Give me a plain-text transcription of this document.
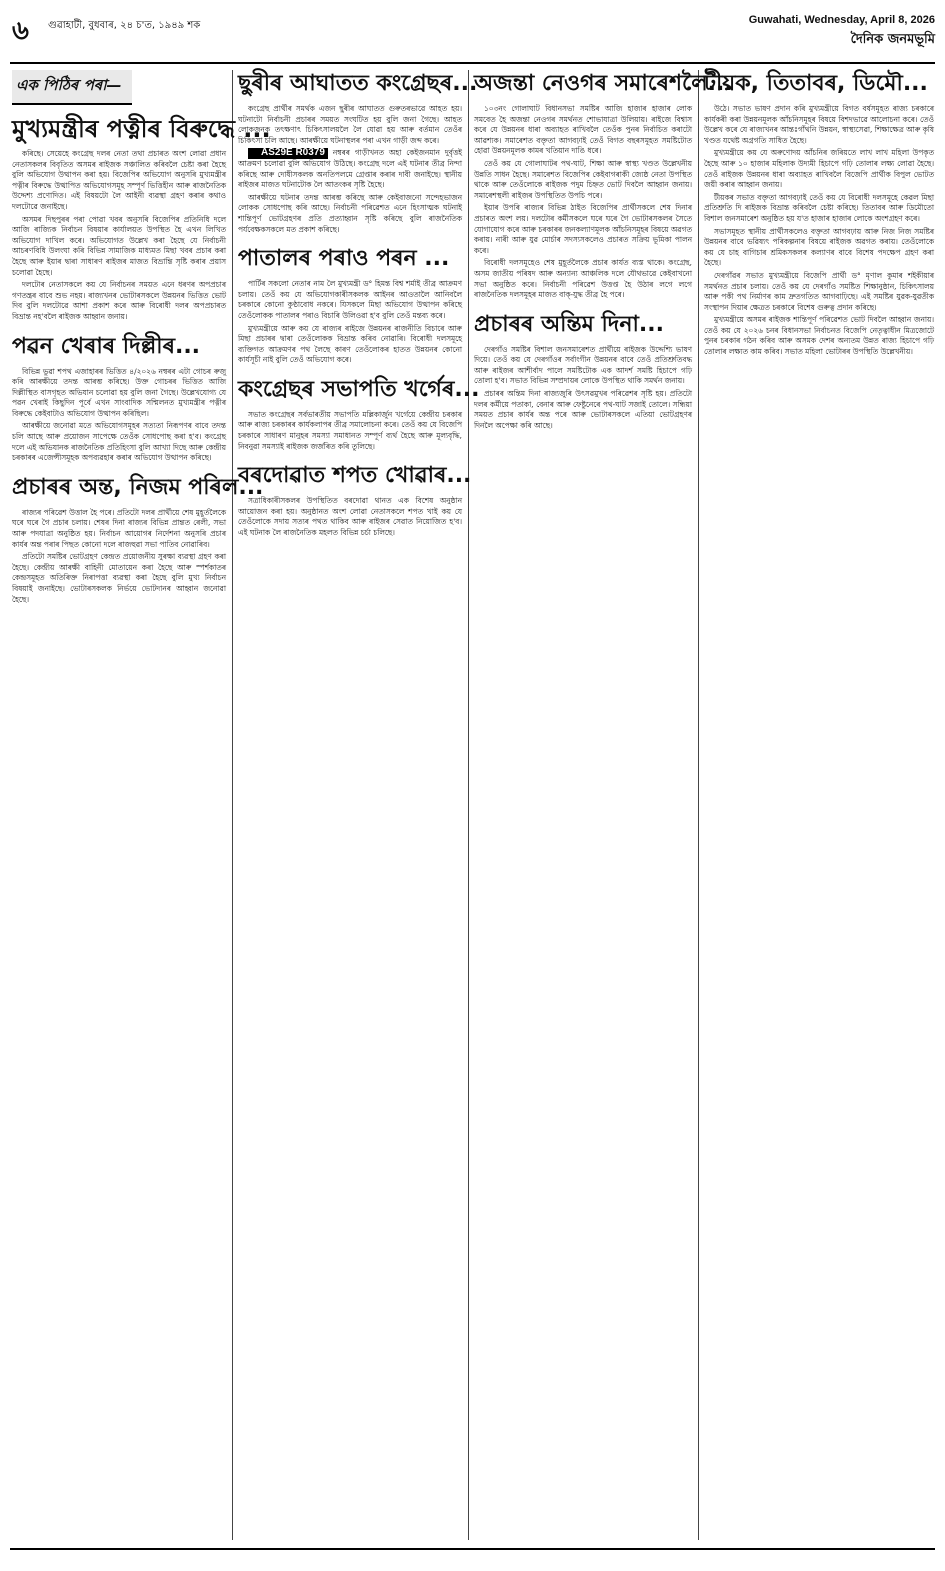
৬ গুৱাহাটী, বুধবাৰ, ২৪ চ'ত, ১৯৪৯ শক	Guwahati, Wednesday, April 8, 2026
দৈনিক জনমভূমি
এক পিঠিৰ পৰা—
মুখ্যমন্ত্ৰীৰ পত্নীৰ বিৰুদ্ধে ...

কৰিছে। সেয়েহে কংগ্ৰেছ দলৰ নেতা তথা প্ৰচাৰত অংশ লোৱা প্ৰধান নেতাসকলৰ বিবৃতিত অসমৰ ৰাইজক সঞ্চালিত কৰিবলৈ চেষ্টা কৰা হৈছে বুলি অভিযোগ উত্থাপন কৰা হয়। বিজেপিৰ অভিযোগ অনুসৰি মুখ্যমন্ত্ৰীৰ পত্নীৰ বিৰুদ্ধে উত্থাপিত অভিযোগসমূহ সম্পূৰ্ণ ভিত্তিহীন আৰু ৰাজনৈতিক উদ্দেশ্য প্ৰণোদিত। এই বিষয়টো লৈ আইনী ব্যৱস্থা গ্ৰহণ কৰাৰ কথাও দলটোৱে জনাইছে।

অসমৰ দিছপুৰৰ পৰা পোৱা খবৰ অনুসৰি বিজেপিৰ প্ৰতিনিধি দলে আজি ৰাজ্যিক নিৰ্বাচন বিষয়াৰ কাৰ্যালয়ত উপস্থিত হৈ এখন লিখিত অভিযোগ দাখিল কৰে। অভিযোগত উল্লেখ কৰা হৈছে যে নিৰ্বাচনী আচৰণবিধি উলংঘা কৰি বিভিন্ন সামাজিক মাধ্যমত মিছা খবৰ প্ৰচাৰ কৰা হৈছে আৰু ইয়াৰ দ্বাৰা সাধাৰণ ৰাইজৰ মাজত বিভ্ৰান্তি সৃষ্টি কৰাৰ প্ৰয়াস চলোৱা হৈছে।

দলটোৰ নেতাসকলে কয় যে নিৰ্বাচনৰ সময়ত এনে ধৰণৰ অপপ্ৰচাৰ গণতন্ত্ৰৰ বাবে শুভ নহয়। ৰাজ্যখনৰ ভোটাৰসকলে উন্নয়নৰ ভিত্তিত ভোট দিব বুলি দলটোৱে আশা প্ৰকাশ কৰে আৰু বিৰোধী দলৰ অপপ্ৰচাৰত বিভ্ৰান্ত নহ'বলৈ ৰাইজক আহ্বান জনায়।

পৱন খেৰাৰ দিল্লীৰ...

বিভিন্ন ভুৱা শপথ এজাহাৰৰ ভিত্তিত ৪/২০২৬ নম্বৰৰ এটা গোচৰ ৰুজু কৰি আৰক্ষীয়ে তদন্ত আৰম্ভ কৰিছে। উক্ত গোচৰৰ ভিত্তিত আজি দিল্লীস্থিত বাসগৃহত অভিযান চলোৱা হয় বুলি জনা গৈছে। উল্লেখযোগ্য যে পৱন খেৰাই কিছুদিন পূৰ্বে এখন সাংবাদিক সন্মিলনত মুখ্যমন্ত্ৰীৰ পত্নীৰ বিৰুদ্ধে কেইবাটাও অভিযোগ উত্থাপন কৰিছিল।

আৰক্ষীয়ে জনোৱা মতে অভিযোগসমূহৰ সত্যতা নিৰূপণৰ বাবে তদন্ত চলি আছে আৰু প্ৰয়োজন সাপেক্ষে তেওঁক সোধপোছ কৰা হ'ব। কংগ্ৰেছ দলে এই অভিযানক ৰাজনৈতিক প্ৰতিহিংসা বুলি আখ্যা দিছে আৰু কেন্দ্ৰীয় চৰকাৰৰ এজেন্সীসমূহক অপব্যৱহাৰ কৰাৰ অভিযোগ উত্থাপন কৰিছে।

প্ৰচাৰৰ অন্ত, নিজম পৰিল...

ৰাজ্যৰ পৰিৱেশ উত্তাল হৈ পৰে। প্ৰতিটো দলৰ প্ৰাৰ্থীয়ে শেষ মুহূৰ্তলৈকে ঘৰে ঘৰে গৈ প্ৰচাৰ চলায়। শেষৰ দিনা ৰাজ্যৰ বিভিন্ন প্ৰান্তত ৰেলী, সভা আৰু পদযাত্ৰা অনুষ্ঠিত হয়। নিৰ্বাচন আয়োগৰ নিৰ্দেশনা অনুসৰি প্ৰচাৰ কাৰ্যৰ অন্ত পৰাৰ পিছত কোনো দলে ৰাজহুৱা সভা পাতিব নোৱাৰিব।

প্ৰতিটো সমষ্টিৰ ভোটগ্ৰহণ কেন্দ্ৰত প্ৰয়োজনীয় সুৰক্ষা ব্যৱস্থা গ্ৰহণ কৰা হৈছে। কেন্দ্ৰীয় আৰক্ষী বাহিনী মোতায়েন কৰা হৈছে আৰু স্পৰ্শকাতৰ কেন্দ্ৰসমূহত অতিৰিক্ত নিৰাপত্তা ব্যৱস্থা কৰা হৈছে বুলি মুখ্য নিৰ্বাচন বিষয়াই জনাইছে। ভোটাৰসকলক নিৰ্ভয়ে ভোটদানৰ আহ্বান জনোৱা হৈছে।

ছুৰীৰ আঘাতত কংগ্ৰেছৰ...

কংগ্ৰেছ প্ৰাৰ্থীৰ সমৰ্থক এজন ছুৰীৰ আঘাতত গুৰুতৰভাৱে আহত হয়। ঘটনাটো নিৰ্বাচনী প্ৰচাৰৰ সময়ত সংঘটিত হয় বুলি জনা গৈছে। আহত লোকজনক তৎক্ষণাৎ চিকিৎসালয়লৈ লৈ যোৱা হয় আৰু বৰ্তমান তেওঁৰ চিকিৎসা চলি আছে। আৰক্ষীয়ে ঘটনাস্থলৰ পৰা এখন গাড়ী জব্দ কৰে।

AS29E R0379 নম্বৰৰ গাড়ীখনত অহা কেইজনমান দুৰ্বৃত্তই আক্ৰমণ চলোৱা বুলি অভিযোগ উঠিছে। কংগ্ৰেছ দলে এই ঘটনাৰ তীব্ৰ নিন্দা কৰিছে আৰু দোষীসকলক অনতিপলমে গ্ৰেপ্তাৰ কৰাৰ দাবী জনাইছে। স্থানীয় ৰাইজৰ মাজত ঘটনাটোক লৈ আতংকৰ সৃষ্টি হৈছে।

আৰক্ষীয়ে ঘটনাৰ তদন্ত আৰম্ভ কৰিছে আৰু কেইবাজনো সন্দেহভাজন লোকক সোধপোছ কৰি আছে। নিৰ্বাচনী পৰিৱেশত এনে হিংসাত্মক ঘটনাই শান্তিপূৰ্ণ ভোটগ্ৰহণৰ প্ৰতি প্ৰত্যাহ্বান সৃষ্টি কৰিছে বুলি ৰাজনৈতিক পৰ্যবেক্ষকসকলে মত প্ৰকাশ কৰিছে।

পাতালৰ পৰাও পৰন ...

পাৰ্টিৰ সকলো নেতাৰ নাম লৈ মুখ্যমন্ত্ৰী ড° হিমন্ত বিশ্ব শৰ্মাই তীব্ৰ আক্ৰমণ চলায়। তেওঁ কয় যে অভিযোগকাৰীসকলক আইনৰ আওতালৈ আনিবলৈ চৰকাৰে কোনো কুণ্ঠাবোধ নকৰে। যিসকলে মিছা অভিযোগ উত্থাপন কৰিছে তেওঁলোকক পাতালৰ পৰাও বিচাৰি উলিওৱা হ'ব বুলি তেওঁ মন্তব্য কৰে।

মুখ্যমন্ত্ৰীয়ে আৰু কয় যে ৰাজ্যৰ ৰাইজে উন্নয়নৰ ৰাজনীতি বিচাৰে আৰু মিছা প্ৰচাৰৰ দ্বাৰা তেওঁলোকক বিভ্ৰান্ত কৰিব নোৱাৰি। বিৰোধী দলসমূহে ব্যক্তিগত আক্ৰমণৰ পথ লৈছে কাৰণ তেওঁলোকৰ হাতত উন্নয়নৰ কোনো কাৰ্যসূচী নাই বুলি তেওঁ অভিযোগ কৰে।

কংগ্ৰেছৰ সভাপতি খৰ্গেৰ...

সভাত কংগ্ৰেছৰ সৰ্বভাৰতীয় সভাপতি মল্লিকাৰ্জুন খৰ্গেয়ে কেন্দ্ৰীয় চৰকাৰ আৰু ৰাজ্য চৰকাৰৰ কাৰ্যকলাপৰ তীব্ৰ সমালোচনা কৰে। তেওঁ কয় যে বিজেপি চৰকাৰে সাধাৰণ মানুহৰ সমস্যা সমাধানত সম্পূৰ্ণ ব্যৰ্থ হৈছে আৰু মূল্যবৃদ্ধি, নিবনুৱা সমস্যাই ৰাইজক জৰ্জৰিত কৰি তুলিছে।

বৰদোৱাত শপত খোৱাৰ...

সত্ৰাধিকাৰীসকলৰ উপস্থিতিত বৰদোৱা থানত এক বিশেষ অনুষ্ঠান আয়োজন কৰা হয়। অনুষ্ঠানত অংশ লোৱা নেতাসকলে শপত খাই কয় যে তেওঁলোকে সদায় সত্যৰ পথত থাকিব আৰু ৰাইজৰ সেৱাত নিয়োজিত হ'ব। এই ঘটনাক লৈ ৰাজনৈতিক মহলত বিভিন্ন চৰ্চা চলিছে।

অজন্তা নেওগৰ সমাৰেশলৈ...

১০৩নং গোলাঘাট বিধানসভা সমষ্টিৰ আজি হাজাৰ হাজাৰ লোক সমবেত হৈ অজন্তা নেওগৰ সমৰ্থনত শোভাযাত্ৰা উলিয়ায়। ৰাইজে বিশ্বাস কৰে যে উন্নয়নৰ ধাৰা অব্যাহত ৰাখিবলৈ তেওঁক পুনৰ নিৰ্বাচিত কৰাটো আৱশ্যক। সমাৰেশত বক্তৃতা আগবঢ়াই তেওঁ বিগত বছৰসমূহত সমষ্টিটোত হোৱা উন্নয়নমূলক কামৰ খতিয়ান দাঙি ধৰে।

তেওঁ কয় যে গোলাঘাটৰ পথ-ঘাট, শিক্ষা আৰু স্বাস্থ্য খণ্ডত উল্লেখনীয় উন্নতি সাধন হৈছে। সমাৰেশত বিজেপিৰ কেইবাগৰাকী জ্যেষ্ঠ নেতা উপস্থিত থাকে আৰু তেওঁলোকে ৰাইজক পদুম চিহ্নত ভোট দিবলৈ আহ্বান জনায়। সমাৰেশস্থলী ৰাইজৰ উপস্থিতিত উপচি পৰে।

ইয়াৰ উপৰি ৰাজ্যৰ বিভিন্ন ঠাইত বিজেপিৰ প্ৰাৰ্থীসকলে শেষ দিনাৰ প্ৰচাৰত অংশ লয়। দলটোৰ কৰ্মীসকলে ঘৰে ঘৰে গৈ ভোটাৰসকলৰ সৈতে যোগাযোগ কৰে আৰু চৰকাৰৰ জনকল্যাণমূলক আঁচনিসমূহৰ বিষয়ে অৱগত কৰায়। নাৰী আৰু যুৱ মোৰ্চাৰ সদস্যসকলেও প্ৰচাৰত সক্ৰিয় ভূমিকা পালন কৰে।

বিৰোধী দলসমূহেও শেষ মুহূৰ্তলৈকে প্ৰচাৰ কাৰ্যত ব্যস্ত থাকে। কংগ্ৰেছ, অসম জাতীয় পৰিষদ আৰু অন্যান্য আঞ্চলিক দলে যৌথভাৱে কেইবাখনো সভা অনুষ্ঠিত কৰে। নিৰ্বাচনী পৰিৱেশ উত্তপ্ত হৈ উঠাৰ লগে লগে ৰাজনৈতিক দলসমূহৰ মাজত বাক্-যুদ্ধ তীব্ৰ হৈ পৰে।

প্ৰচাৰৰ অন্তিম দিনা...

দেৰগাঁও সমষ্টিৰ বিশাল জনসমাৰেশত প্ৰাৰ্থীয়ে ৰাইজক উদ্দেশ্যি ভাষণ দিয়ে। তেওঁ কয় যে দেৰগাঁওৰ সৰ্বাংগীন উন্নয়নৰ বাবে তেওঁ প্ৰতিশ্ৰুতিবদ্ধ আৰু ৰাইজৰ আশীৰ্বাদ পালে সমষ্টিটোক এক আদৰ্শ সমষ্টি হিচাপে গঢ়ি তোলা হ'ব। সভাত বিভিন্ন সম্প্ৰদায়ৰ লোকে উপস্থিত থাকি সমৰ্থন জনায়।

প্ৰচাৰৰ অন্তিম দিনা ৰাজ্যজুৰি উৎসৱমুখৰ পৰিৱেশৰ সৃষ্টি হয়। প্ৰতিটো দলৰ কৰ্মীয়ে পতাকা, বেনাৰ আৰু ফেষ্টুনেৰে পথ-ঘাট সজাই তোলে। সন্ধিয়া সময়ত প্ৰচাৰ কাৰ্যৰ অন্ত পৰে আৰু ভোটাৰসকলে এতিয়া ভোটগ্ৰহণৰ দিনলৈ অপেক্ষা কৰি আছে।

টীয়ক, তিতাবৰ, ডিমৌ...

উঠে। সভাত ভাষণ প্ৰদান কৰি মুখ্যমন্ত্ৰীয়ে বিগত বৰ্ষসমূহত ৰাজ্য চৰকাৰে কাৰ্যকৰী কৰা উন্নয়নমূলক আঁচনিসমূহৰ বিষয়ে বিশদভাৱে আলোচনা কৰে। তেওঁ উল্লেখ কৰে যে ৰাজ্যখনৰ আন্তঃগাঁথনি উন্নয়ন, স্বাস্থ্যসেৱা, শিক্ষাক্ষেত্ৰ আৰু কৃষি খণ্ডত যথেষ্ট অগ্ৰগতি সাধিত হৈছে।

মুখ্যমন্ত্ৰীয়ে কয় যে অৰুণোদয় আঁচনিৰ জৰিয়তে লাখ লাখ মহিলা উপকৃত হৈছে আৰু ১০ হাজাৰ মহিলাক উদ্যমী হিচাপে গঢ়ি তোলাৰ লক্ষ্য লোৱা হৈছে। তেওঁ ৰাইজক উন্নয়নৰ ধাৰা অব্যাহত ৰাখিবলৈ বিজেপি প্ৰাৰ্থীক বিপুল ভোটত জয়ী কৰাৰ আহ্বান জনায়।

টীয়কৰ সভাত বক্তৃতা আগবঢ়াই তেওঁ কয় যে বিৰোধী দলসমূহে কেৱল মিছা প্ৰতিশ্ৰুতি দি ৰাইজক বিভ্ৰান্ত কৰিবলৈ চেষ্টা কৰিছে। তিতাবৰ আৰু ডিমৌতো বিশাল জনসমাৰেশ অনুষ্ঠিত হয় য'ত হাজাৰ হাজাৰ লোকে অংশগ্ৰহণ কৰে।

সভাসমূহত স্থানীয় প্ৰাৰ্থীসকলেও বক্তৃতা আগবঢ়ায় আৰু নিজ নিজ সমষ্টিৰ উন্নয়নৰ বাবে ভৱিষ্যৎ পৰিকল্পনাৰ বিষয়ে ৰাইজক অৱগত কৰায়। তেওঁলোকে কয় যে চাহ বাগিচাৰ শ্ৰমিকসকলৰ কল্যাণৰ বাবে বিশেষ পদক্ষেপ গ্ৰহণ কৰা হৈছে।

দেৰগাঁৱৰ সভাত মুখ্যমন্ত্ৰীয়ে বিজেপি প্ৰাৰ্থী ড° মৃণাল কুমাৰ শইকীয়াৰ সমৰ্থনত প্ৰচাৰ চলায়। তেওঁ কয় যে দেৰগাঁও সমষ্টিত শিক্ষানুষ্ঠান, চিকিৎসালয় আৰু পকী পথ নিৰ্মাণৰ কাম দ্ৰুতগতিত আগবাঢ়িছে। এই সমষ্টিৰ যুৱক-যুৱতীক সংস্থাপন দিয়াৰ ক্ষেত্ৰত চৰকাৰে বিশেষ গুৰুত্ব প্ৰদান কৰিছে।

মুখ্যমন্ত্ৰীয়ে অসমৰ ৰাইজক শান্তিপূৰ্ণ পৰিৱেশত ভোট দিবলৈ আহ্বান জনায়। তেওঁ কয় যে ২০২৬ চনৰ বিধানসভা নিৰ্বাচনত বিজেপি নেতৃত্বাধীন মিত্ৰজোটে পুনৰ চৰকাৰ গঠন কৰিব আৰু অসমক দেশৰ অন্যতম উন্নত ৰাজ্য হিচাপে গঢ়ি তোলাৰ লক্ষ্যত কাম কৰিব। সভাত মহিলা ভোটাৰৰ উপস্থিতি উল্লেখনীয়।
